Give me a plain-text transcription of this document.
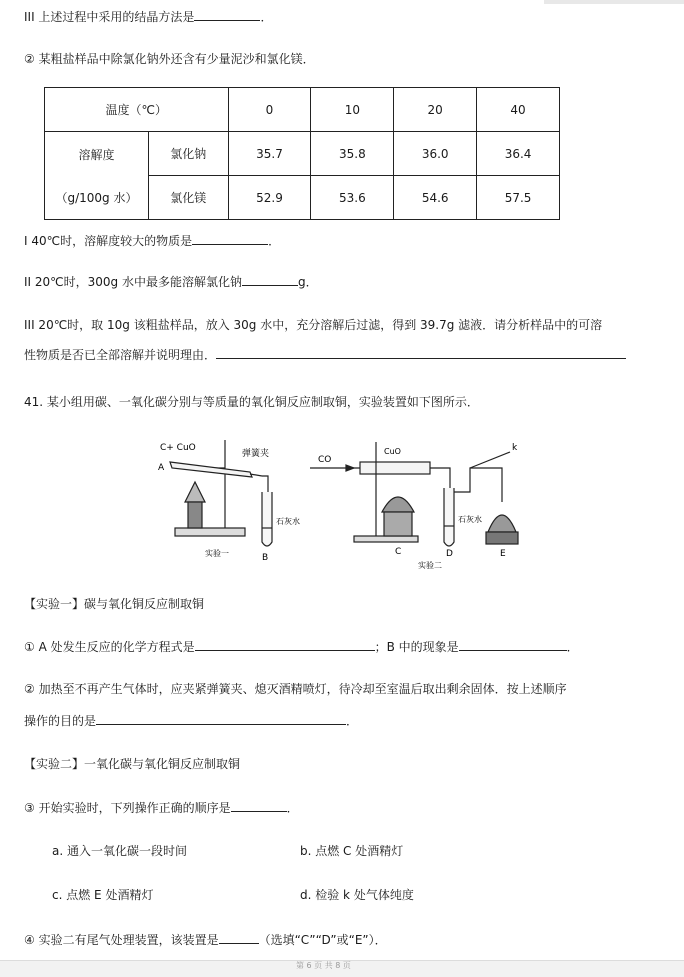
III 上述过程中采用的结晶方法是	．
② 某粗盐样品中除氯化钠外还含有少量泥沙和氯化镁．
温度（℃）		0	10	20	40

溶解度
（g/100g 水）	氯化钠	35.7	35.8	36.0	36.4
	氯化镁	52.9	53.6	54.6	57.5
I 40℃时，溶解度较大的物质是	．
II 20℃时，300g 水中最多能溶解氯化钠	g．
III 20℃时，取 10g 该粗盐样品，放入 30g 水中，充分溶解后过滤，得到 39.7g 滤液．请分析样品中的可溶
性物质是否已全部溶解并说明理由．
41. 某小组用碳、一氧化碳分别与等质量的氧化铜反应制取铜，实验装置如下图所示．
C+ CuO
A
弹簧夹
石灰水
B
实验一
CO
CuO	k
石灰水
C	D	E
实验二
【实验一】碳与氧化铜反应制取铜
① A 处发生反应的化学方程式是	；B 中的现象是	．
② 加热至不再产生气体时，应夹紧弹簧夹、熄灭酒精喷灯，待冷却至室温后取出剩余固体．按上述顺序
操作的目的是	．
【实验二】一氧化碳与氧化铜反应制取铜
③ 开始实验时，下列操作正确的顺序是	．
a. 通入一氧化碳一段时间	b. 点燃 C 处酒精灯
c. 点燃 E 处酒精灯	d. 检验 k 处气体纯度
④ 实验二有尾气处理装置，该装置是	（选填“C”“D”或“E”）．
第 6 页 共 8 页
